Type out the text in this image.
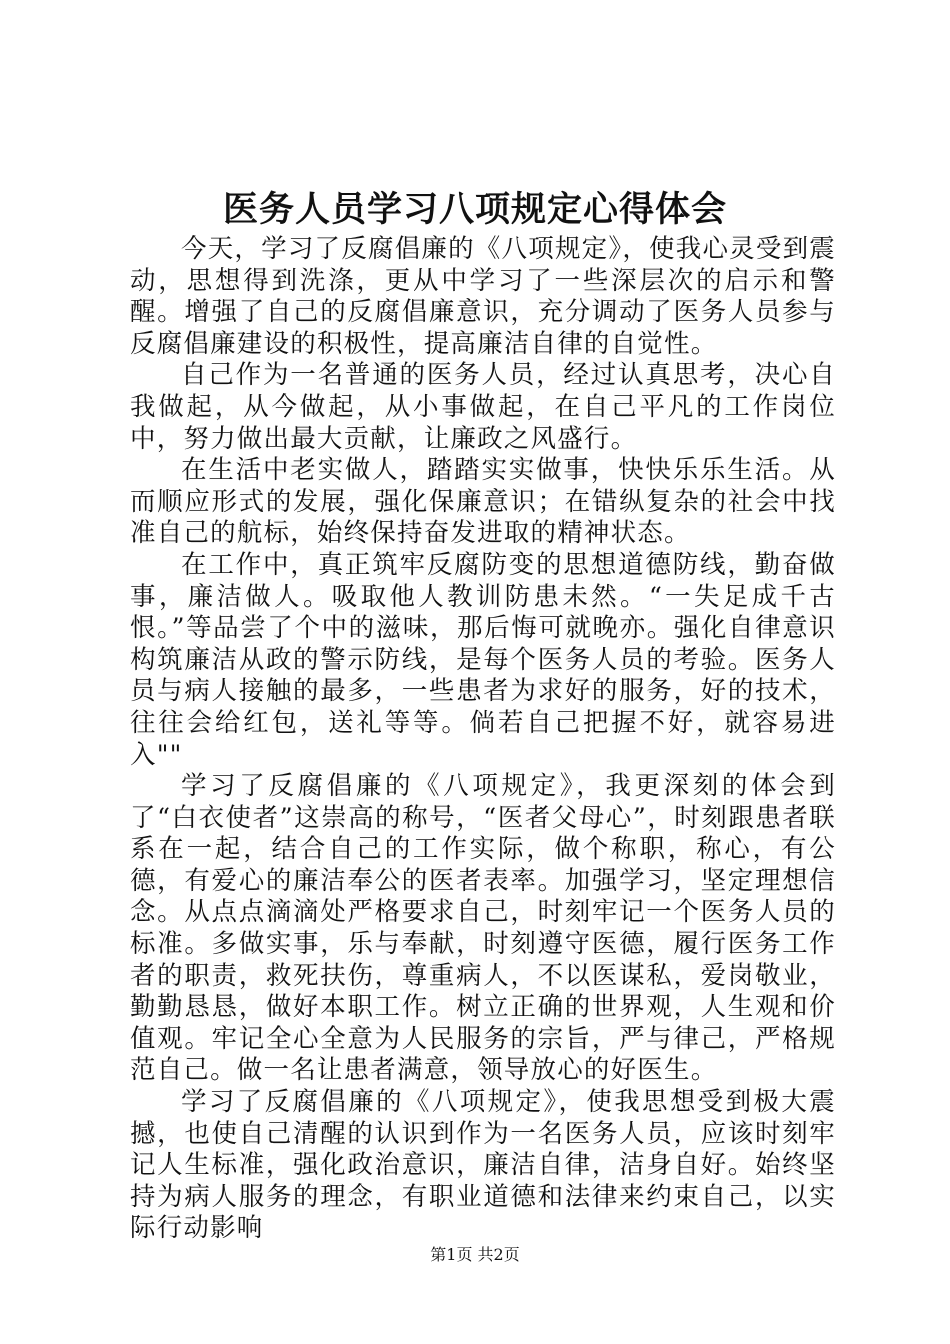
医务人员学习八项规定心得体会

今天，学习了反腐倡廉的《八项规定》，使我心灵受到震动，思想得到洗涤，更从中学习了一些深层次的启示和警醒。增强了自己的反腐倡廉意识，充分调动了医务人员参与反腐倡廉建设的积极性，提高廉洁自律的自觉性。

自己作为一名普通的医务人员，经过认真思考，决心自我做起，从今做起，从小事做起，在自己平凡的工作岗位中，努力做出最大贡献，让廉政之风盛行。

在生活中老实做人，踏踏实实做事，快快乐乐生活。从而顺应形式的发展，强化保廉意识；在错纵复杂的社会中找准自己的航标，始终保持奋发进取的精神状态。

在工作中，真正筑牢反腐防变的思想道德防线，勤奋做事，廉洁做人。吸取他人教训防患未然。“一失足成千古恨。”等品尝了个中的滋味，那后悔可就晚亦。强化自律意识构筑廉洁从政的警示防线，是每个医务人员的考验。医务人员与病人接触的最多，一些患者为求好的服务，好的技术，往往会给红包，送礼等等。倘若自己把握不好，就容易进入""

学习了反腐倡廉的《八项规定》，我更深刻的体会到了“白衣使者”这崇高的称号，“医者父母心”，时刻跟患者联系在一起，结合自己的工作实际，做个称职，称心，有公德，有爱心的廉洁奉公的医者表率。加强学习，坚定理想信念。从点点滴滴处严格要求自己，时刻牢记一个医务人员的标准。多做实事，乐与奉献，时刻遵守医德，履行医务工作者的职责，救死扶伤，尊重病人，不以医谋私，爱岗敬业，勤勤恳恳，做好本职工作。树立正确的世界观，人生观和价值观。牢记全心全意为人民服务的宗旨，严与律己，严格规范自己。做一名让患者满意，领导放心的好医生。

学习了反腐倡廉的《八项规定》，使我思想受到极大震撼，也使自己清醒的认识到作为一名医务人员，应该时刻牢记人生标准，强化政治意识，廉洁自律，洁身自好。始终坚持为病人服务的理念，有职业道德和法律来约束自己，以实际行动影响

第1页 共2页
